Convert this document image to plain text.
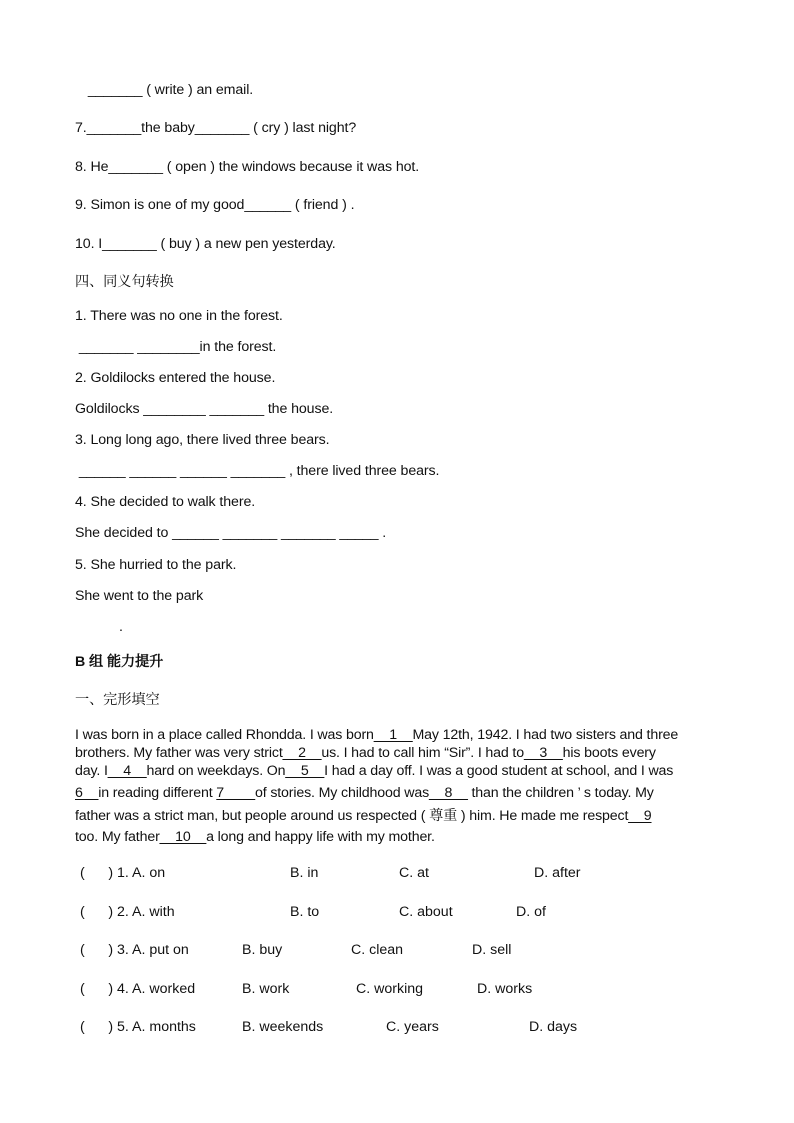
_______ ( write ) an email.
7._______the baby_______ ( cry ) last night?
8. He_______ ( open ) the windows because it was hot.
9. Simon is one of my good______ ( friend ) .
10. I_______ ( buy ) a new pen yesterday.
四、同义句转换
1. There was no one in the forest.
_______ ________in the forest.
2. Goldilocks entered the house.
Goldilocks ________ _______ the house.
3. Long long ago, there lived three bears.
______ ______ ______ _______ , there lived three bears.
4. She decided to walk there.
She decided to ______ _______ _______ _____ .
5. She hurried to the park.
She went to the park
.
B 组 能力提升
一、完形填空
I was born in a place called Rhondda. I was born__1__May 12th, 1942. I had two sisters and three
brothers. My father was very strict__2__us. I had to call him “Sir”. I had to__3__his boots every
day. I__4__hard on weekdays. On__5__I had a day off. I was a good student at school, and I was
6__in reading different 7____of stories. My childhood was__8__ than the children ’ s today. My
father was a strict man, but people around us respected ( 尊重 ) him. He made me respect__9
too. My father__10__a long and happy life with my mother.
(      ) 1. A. on	B. in	C. at	D. after
(      ) 2. A. with	B. to	C. about	D. of
(      ) 3. A. put on	B. buy	C. clean	D. sell
(      ) 4. A. worked	B. work	C. working	D. works
(      ) 5. A. months	B. weekends	C. years	D. days
